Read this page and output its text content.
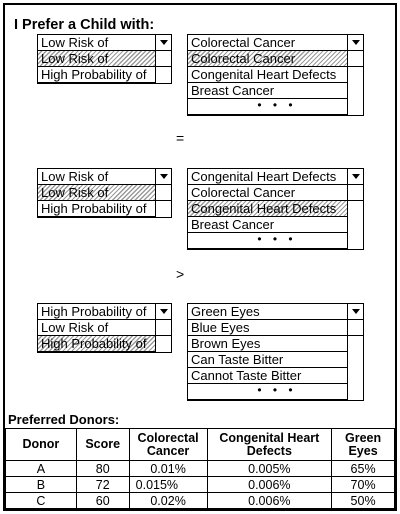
I Prefer a Child with:
Low Risk of
Low Risk of
High Probability of
Colorectal Cancer
Colorectal Cancer
Congenital Heart Defects
Breast Cancer
• • •
=
Low Risk of
Low Risk of
High Probability of
Congenital Heart Defects
Colorectal Cancer
Congenital Heart Defects
Breast Cancer
• • •
>
High Probability of
Low Risk of
High Probability of
Green Eyes
Blue Eyes
Brown Eyes
Can Taste Bitter
Cannot Taste Bitter
• • •
Preferred Donors:
Donor	Score	Colorectal Cancer	Congenital Heart Defects	Green Eyes
A	80	0.01%	0.005%	65%
B	72	0.015%	0.006%	70%
C	60	0.02%	0.006%	50%
